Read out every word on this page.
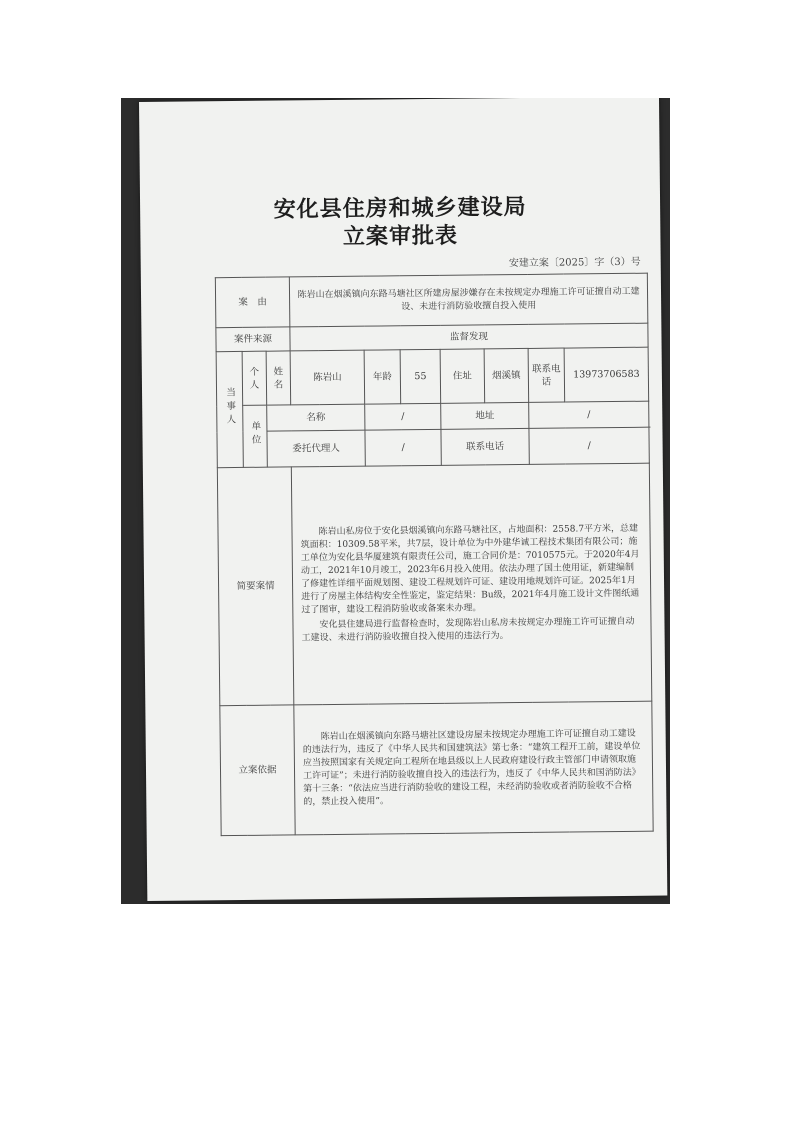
安化县住房和城乡建设局
立案审批表
安建立案〔2025〕字（3）号
案　由			陈岩山在烟溪镇向东路马塘社区所建房屋涉嫌存在未按规定办理施工许可证擅自动工建设、未进行消防验收擅自投入使用						
案件来源			监督发现						
当事人	个人	姓名	陈岩山	年龄	55	住址	烟溪镇	联系电话	13973706583
	单位	名称		/		地址		/	
		委托代理人		/		联系电话		/	
简要案情			陈岩山私房位于安化县烟溪镇向东路马塘社区，占地面积：2558.7平方米，总建筑面积：10309.58平米，共7层，设计单位为中外建华诚工程技术集团有限公司；施工单位为安化县华厦建筑有限责任公司，施工合同价是：7010575元。于2020年4月动工，2021年10月竣工，2023年6月投入使用。依法办理了国土使用证，新建编制了修建性详细平面规划图、建设工程规划许可证、建设用地规划许可证。2025年1月进行了房屋主体结构安全性鉴定，鉴定结果：Bu级，2021年4月施工设计文件图纸通过了图审，建设工程消防验收或备案未办理。

安化县住建局进行监督检查时，发现陈岩山私房未按规定办理施工许可证擅自动工建设、未进行消防验收擅自投入使用的违法行为。						

立案依据			陈岩山在烟溪镇向东路马塘社区建设房屋未按规定办理施工许可证擅自动工建设的违法行为，违反了《中华人民共和国建筑法》第七条：“建筑工程开工前，建设单位应当按照国家有关规定向工程所在地县级以上人民政府建设行政主管部门申请领取施工许可证”；未进行消防验收擅自投入的违法行为，违反了《中华人民共和国消防法》第十三条：“依法应当进行消防验收的建设工程，未经消防验收或者消防验收不合格的，禁止投入使用”。						
